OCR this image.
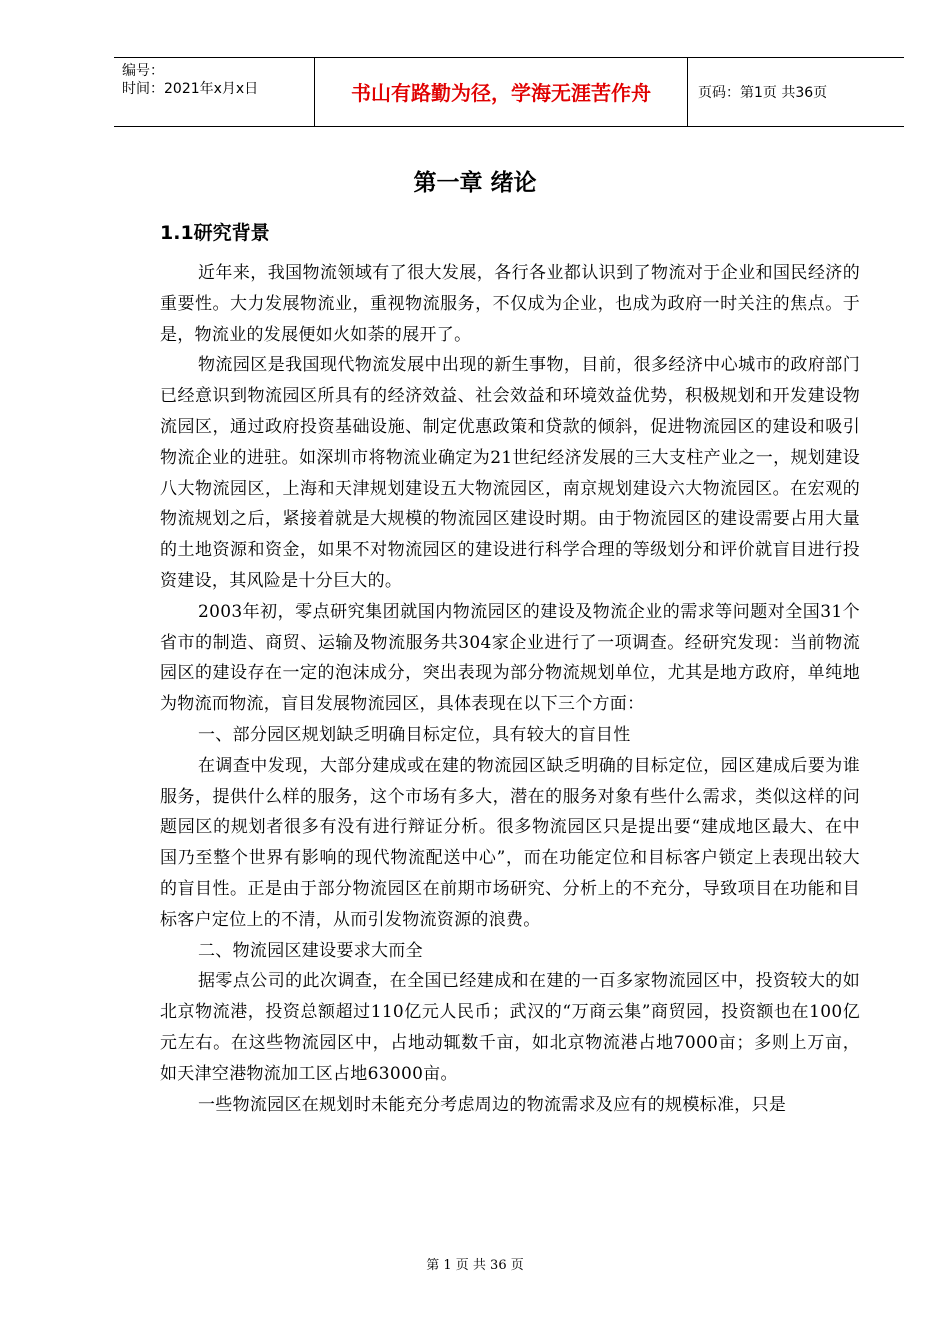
编号：
时间：2021年x月x日	书山有路勤为径，学海无涯苦作舟	页码：第1页 共36页
第一章 绪论
1.1研究背景

近年来，我国物流领域有了很大发展，各行各业都认识到了物流对于企业和国民经济的重要性。大力发展物流业，重视物流服务，不仅成为企业，也成为政府一时关注的焦点。于是，物流业的发展便如火如荼的展开了。

物流园区是我国现代物流发展中出现的新生事物，目前，很多经济中心城市的政府部门已经意识到物流园区所具有的经济效益、社会效益和环境效益优势，积极规划和开发建设物流园区，通过政府投资基础设施、制定优惠政策和贷款的倾斜，促进物流园区的建设和吸引物流企业的进驻。如深圳市将物流业确定为21世纪经济发展的三大支柱产业之一，规划建设八大物流园区，上海和天津规划建设五大物流园区，南京规划建设六大物流园区。在宏观的物流规划之后，紧接着就是大规模的物流园区建设时期。由于物流园区的建设需要占用大量的土地资源和资金，如果不对物流园区的建设进行科学合理的等级划分和评价就盲目进行投资建设，其风险是十分巨大的。

2003年初，零点研究集团就国内物流园区的建设及物流企业的需求等问题对全国31个省市的制造、商贸、运输及物流服务共304家企业进行了一项调查。经研究发现：当前物流园区的建设存在一定的泡沫成分，突出表现为部分物流规划单位，尤其是地方政府，单纯地为物流而物流，盲目发展物流园区，具体表现在以下三个方面：

一、部分园区规划缺乏明确目标定位，具有较大的盲目性

在调查中发现，大部分建成或在建的物流园区缺乏明确的目标定位，园区建成后要为谁服务，提供什么样的服务，这个市场有多大，潜在的服务对象有些什么需求，类似这样的问题园区的规划者很多有没有进行辩证分析。很多物流园区只是提出要“建成地区最大、在中国乃至整个世界有影响的现代物流配送中心”，而在功能定位和目标客户锁定上表现出较大的盲目性。正是由于部分物流园区在前期市场研究、分析上的不充分，导致项目在功能和目标客户定位上的不清，从而引发物流资源的浪费。

二、物流园区建设要求大而全

据零点公司的此次调查，在全国已经建成和在建的一百多家物流园区中，投资较大的如北京物流港，投资总额超过110亿元人民币；武汉的“万商云集”商贸园，投资额也在100亿元左右。在这些物流园区中，占地动辄数千亩，如北京物流港占地7000亩；多则上万亩，如天津空港物流加工区占地63000亩。

一些物流园区在规划时未能充分考虑周边的物流需求及应有的规模标准，只是

第 1 页 共 36 页
